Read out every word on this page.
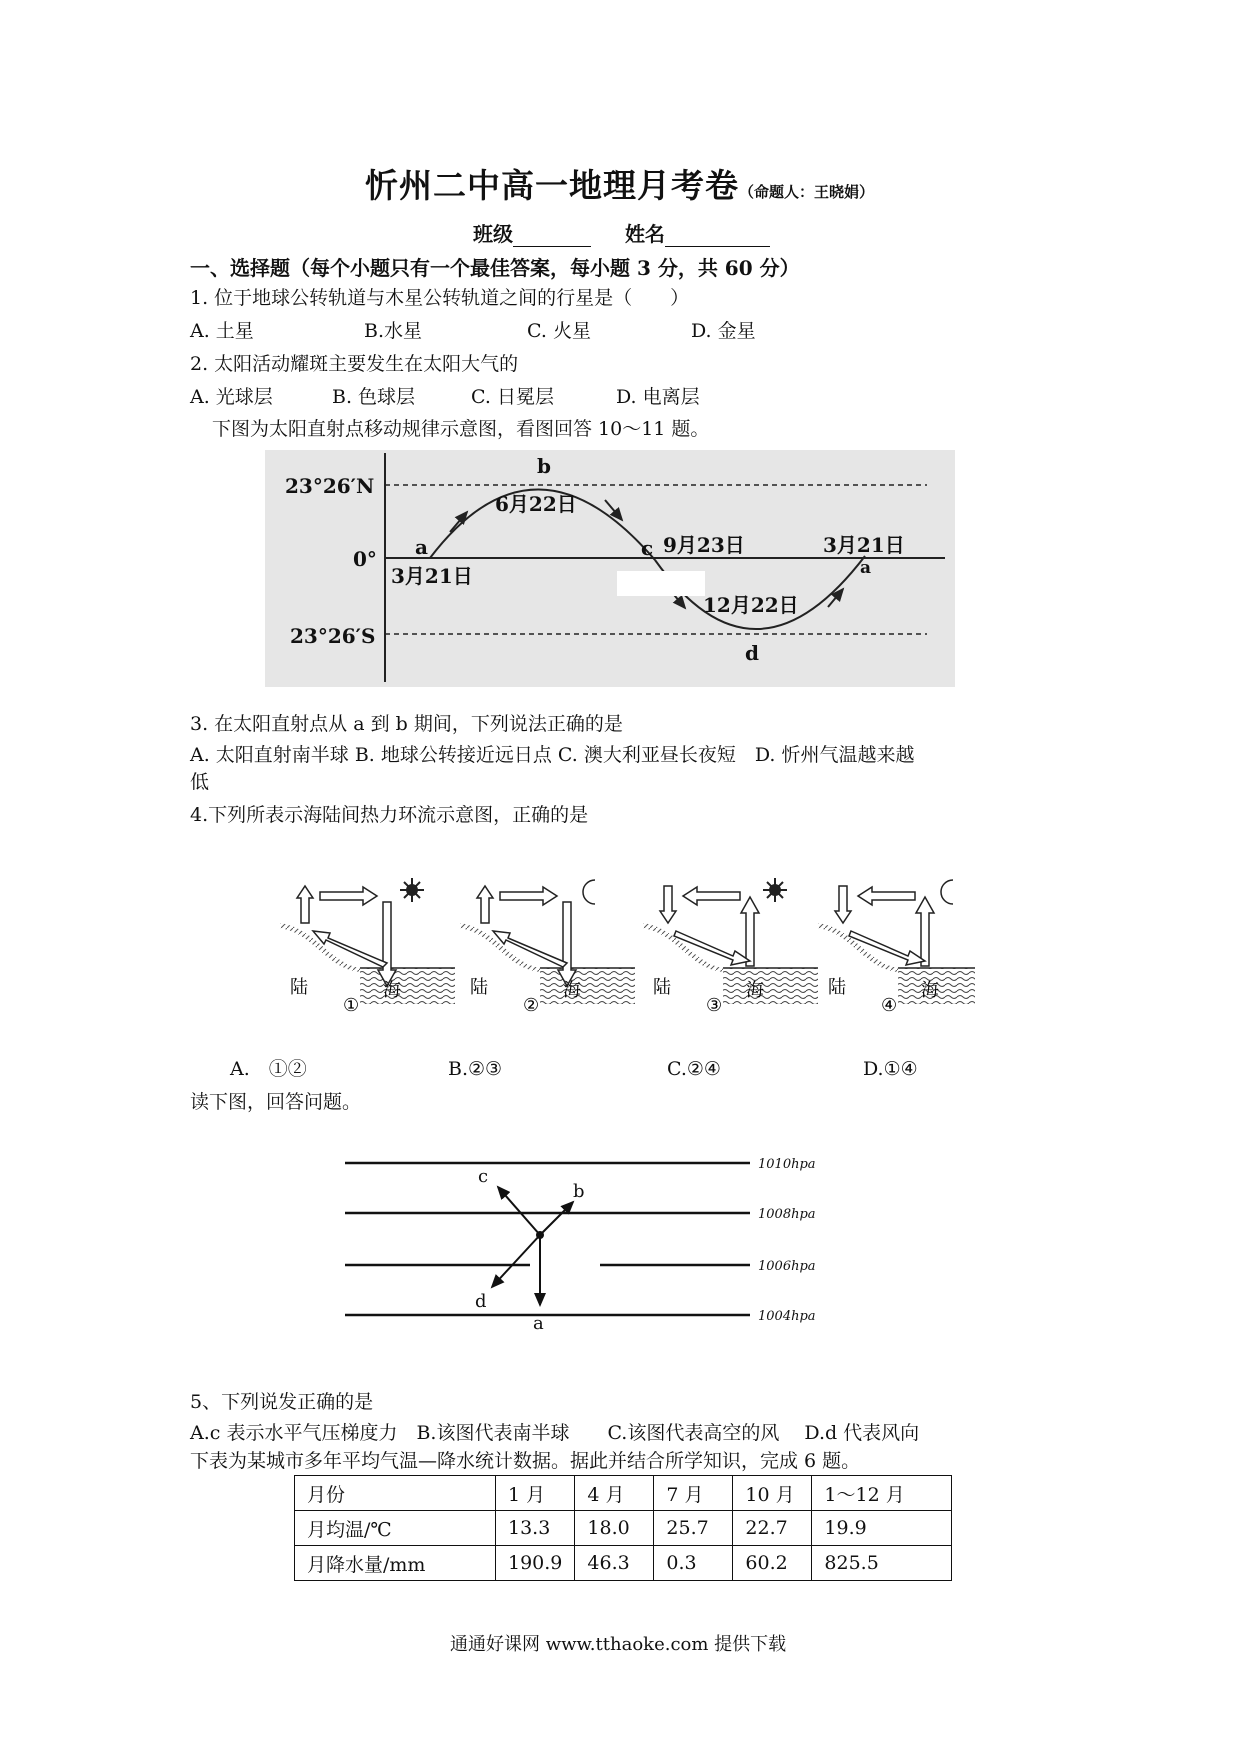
忻州二中高一地理月考卷（命题人：王晓娟）
班级	姓名
一、选择题（每个小题只有一个最佳答案，每小题 3 分，共 60 分）
1. 位于地球公转轨道与木星公转轨道之间的行星是（　　）
A. 土星	B.水星	C. 火星	D. 金星
2. 太阳活动耀斑主要发生在太阳大气的
A. 光球层	B. 色球层	C. 日冕层	D. 电离层
下图为太阳直射点移动规律示意图，看图回答 10～11 题。
23°26′N
0°
23°26′S
a
b
c
d
a
3月21日
6月22日
9月23日
12月22日
3月21日
3. 在太阳直射点从 a 到 b 期间，下列说法正确的是
A. 太阳直射南半球 B. 地球公转接近远日点 C. 澳大利亚昼长夜短　D. 忻州气温越来越
低
4.下列所表示海陆间热力环流示意图，正确的是
陆	海
①
陆	海
②
陆	海
③
陆	海
④
A.　①②	B.②③	C.②④	D.①④
读下图，回答问题。
a
b
c
d
1010hpa
1008hpa
1006hpa
1004hpa
5、下列说发正确的是
A.c 表示水平气压梯度力　B.该图代表南半球　　C.该图代表高空的风　 D.d 代表风向
下表为某城市多年平均气温—降水统计数据。据此并结合所学知识，完成 6 题。
月份	1 月	4 月	7 月	10 月	1～12 月
月均温/℃	13.3	18.0	25.7	22.7	19.9
月降水量/mm	190.9	46.3	0.3	60.2	825.5
通通好课网 www.tthaoke.com 提供下载
